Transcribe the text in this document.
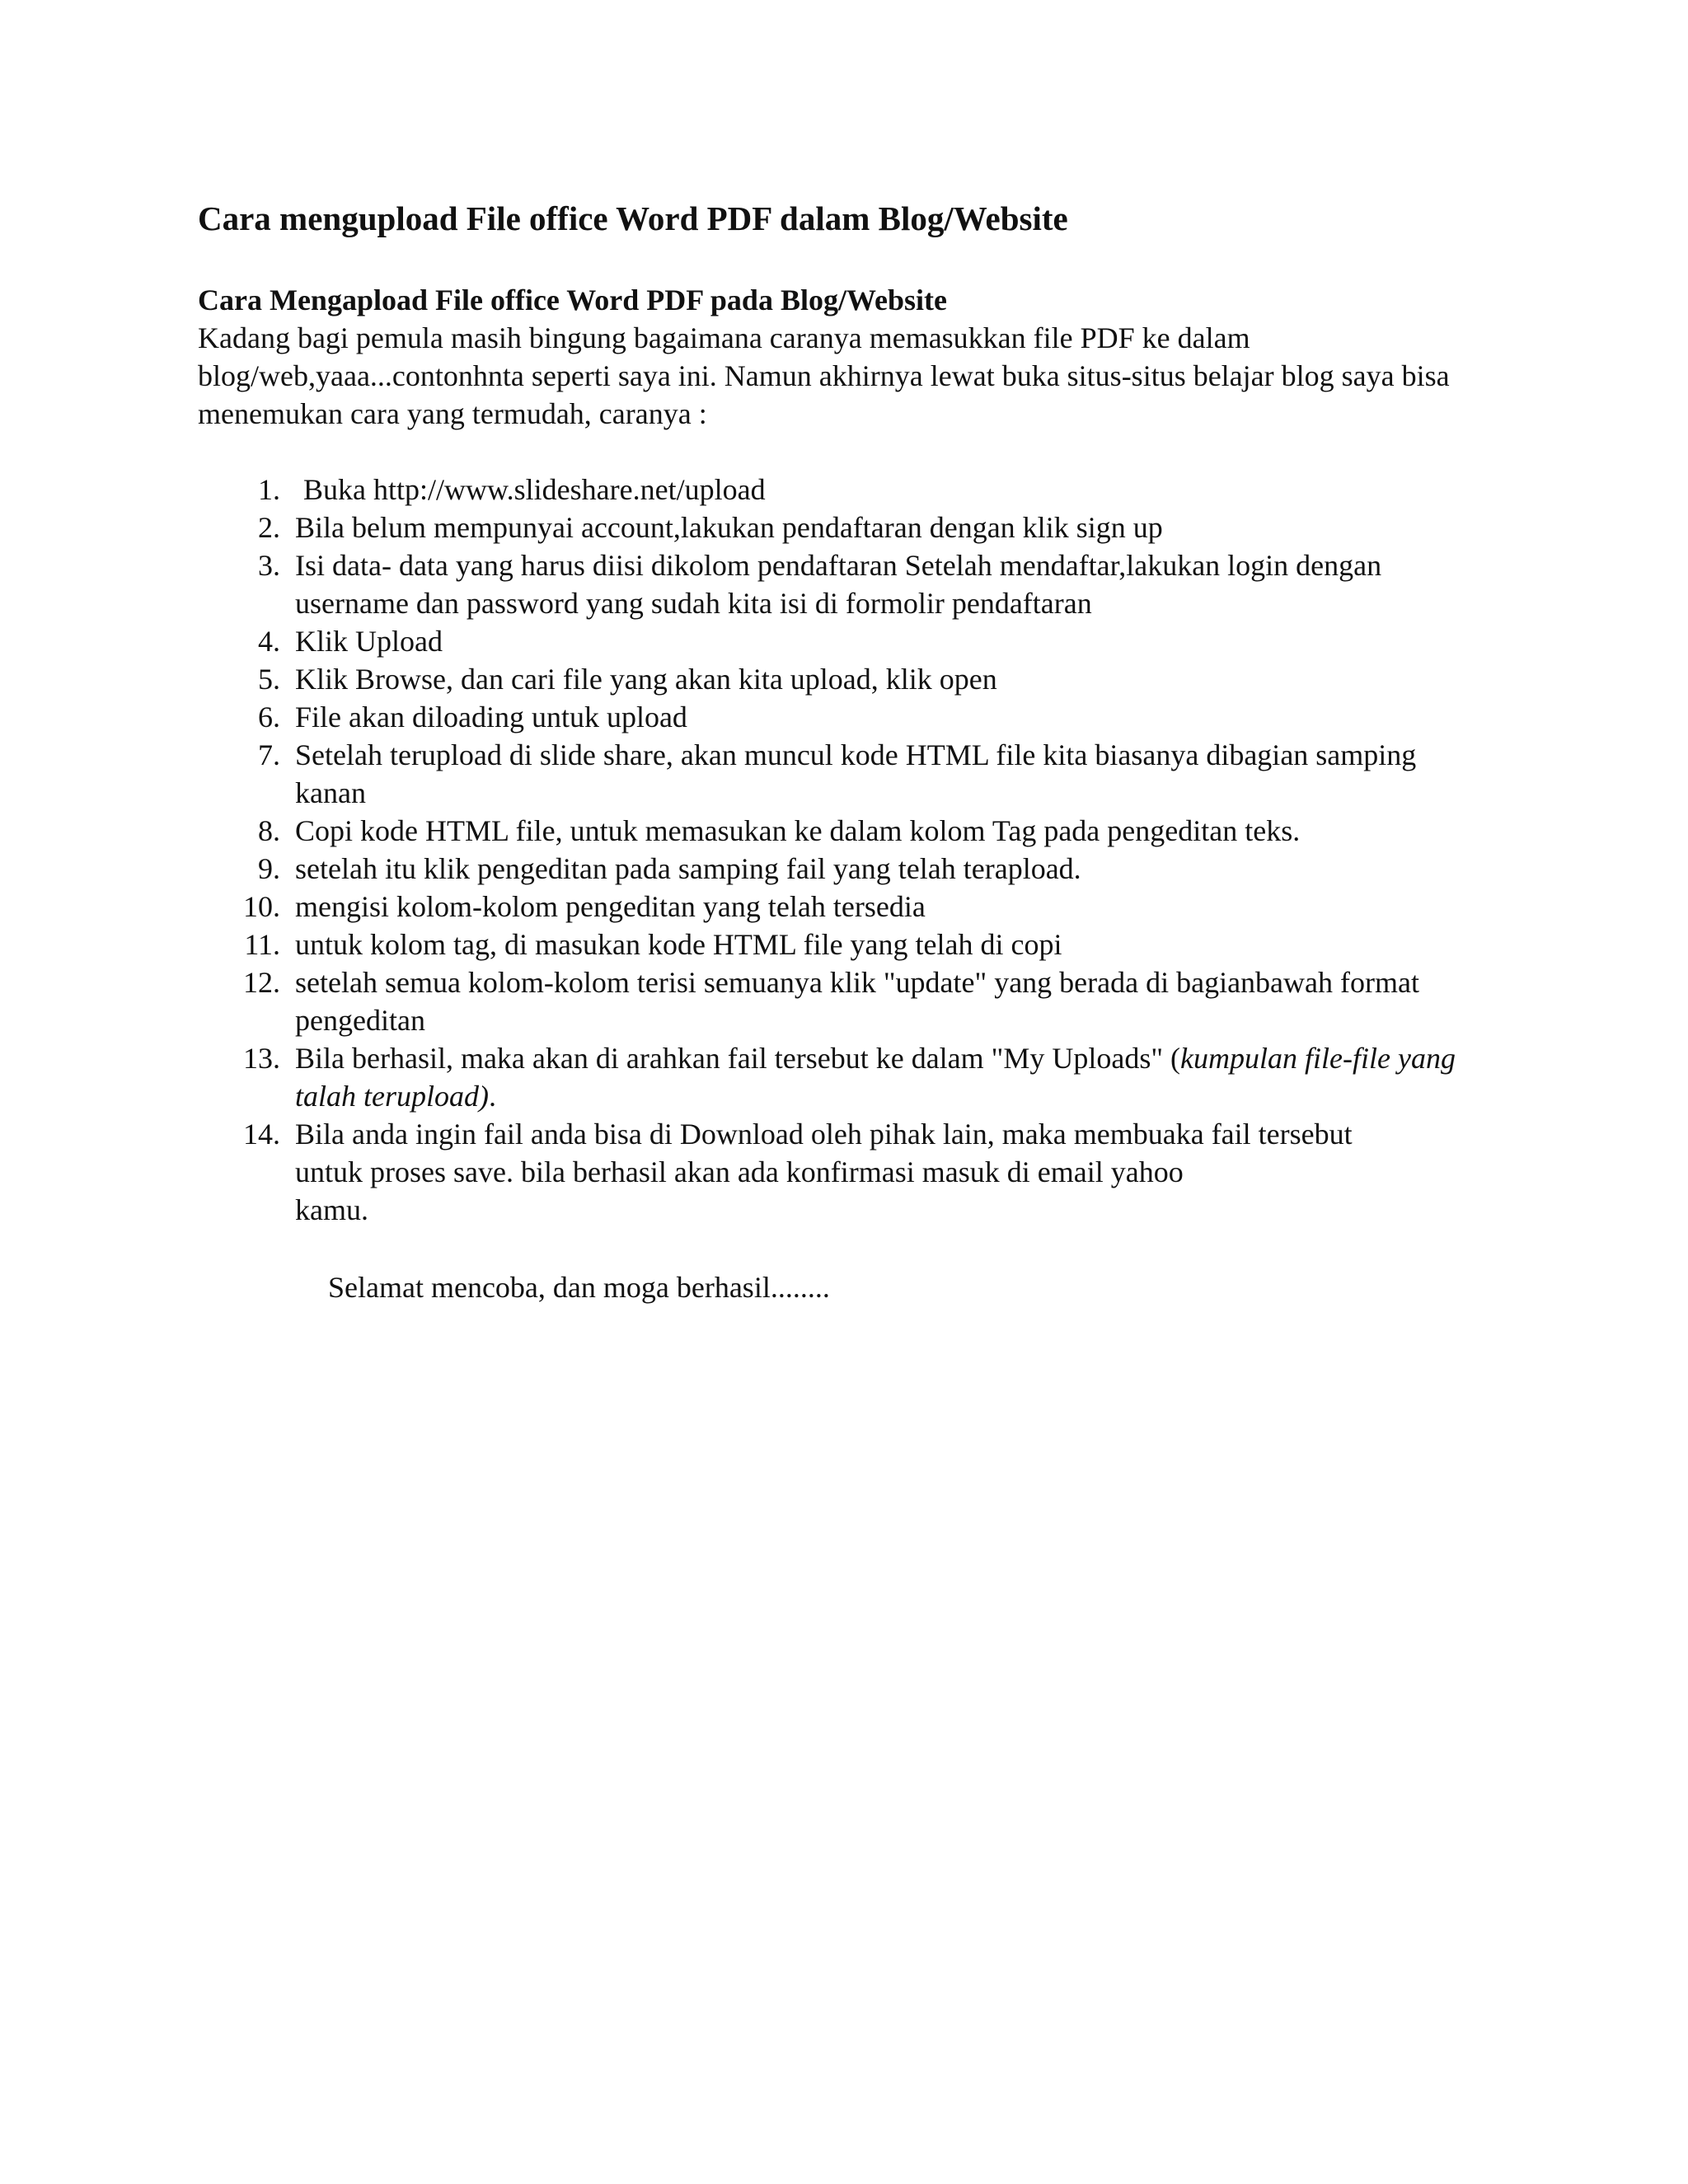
Cara mengupload File office Word PDF dalam Blog/Website
Cara Mengapload File office Word PDF pada Blog/Website

Kadang bagi pemula masih bingung bagaimana caranya memasukkan file PDF ke dalam blog/web,yaaa...contonhnta seperti saya ini. Namun akhirnya lewat buka situs-situs belajar blog saya bisa menemukan cara yang termudah, caranya :

1. Buka http://www.slideshare.net/upload
2. Bila belum mempunyai account,lakukan pendaftaran dengan klik sign up
3. Isi data- data yang harus diisi dikolom pendaftaran Setelah mendaftar,lakukan login dengan username dan password yang sudah kita isi di formolir pendaftaran
4. Klik Upload
5. Klik Browse, dan cari file yang akan kita upload, klik open
6. File akan diloading untuk upload
7. Setelah terupload di slide share, akan muncul kode HTML file kita biasanya dibagian samping kanan
8. Copi kode HTML file, untuk memasukan ke dalam kolom Tag pada pengeditan teks.
9. setelah itu klik pengeditan pada samping fail yang telah terapload.
10. mengisi kolom-kolom pengeditan yang telah tersedia
11. untuk kolom tag, di masukan kode HTML file yang telah di copi
12. setelah semua kolom-kolom terisi semuanya klik "update" yang berada di bagianbawah format pengeditan
13. Bila berhasil, maka akan di arahkan fail tersebut ke dalam "My Uploads" (kumpulan file-file yang talah terupload).
14. Bila anda ingin fail anda bisa di Download oleh pihak lain, maka membuaka fail tersebut untuk proses save. bila berhasil akan ada konfirmasi masuk di email yahoo
kamu.

Selamat mencoba, dan moga berhasil........
